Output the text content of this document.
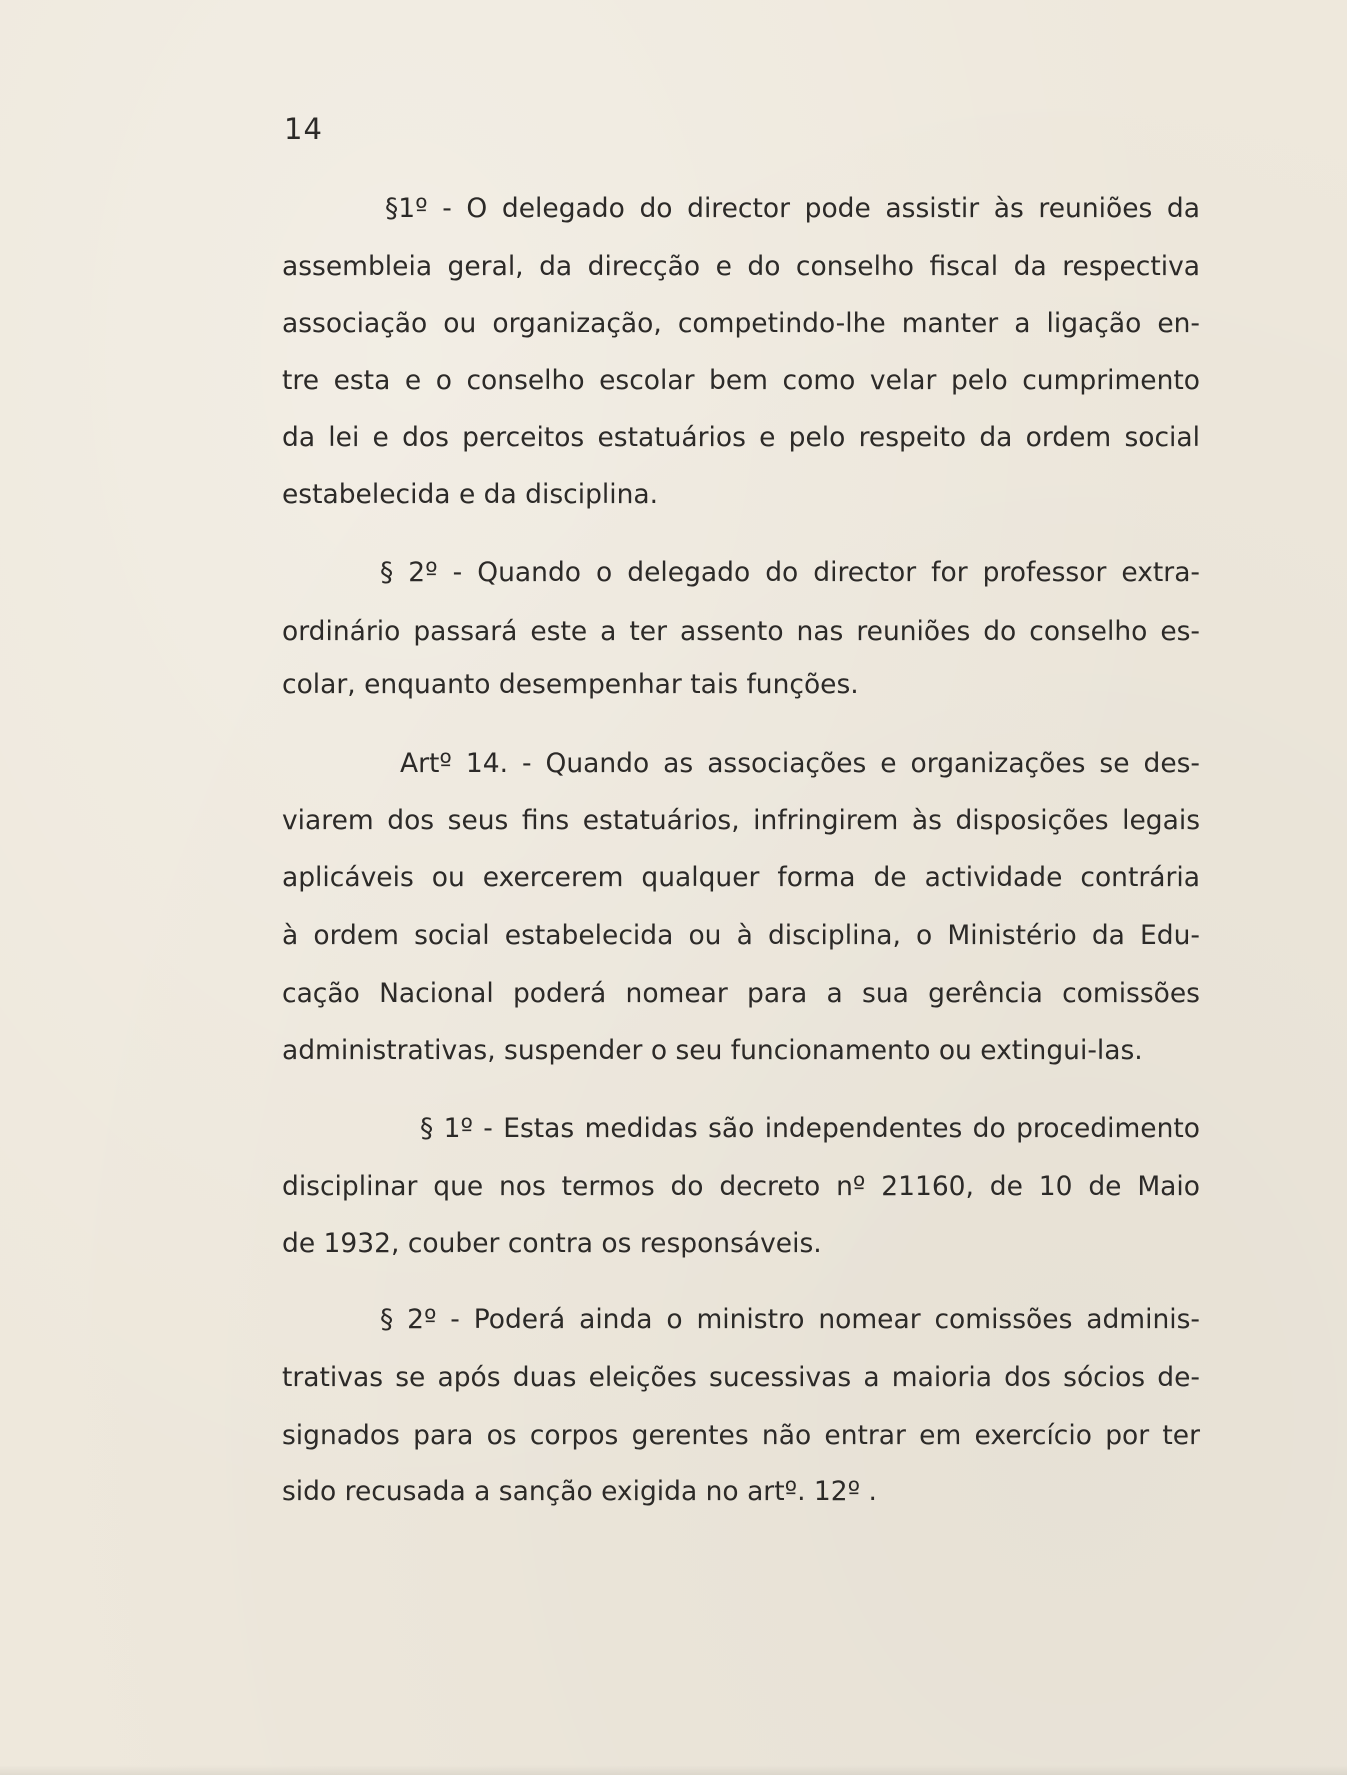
14
§1º - O delegado do director pode assistir às reuniões da
assembleia geral, da direcção e do conselho fiscal da respectiva
associação ou organização, competindo-lhe manter a ligação en-
tre esta e o conselho escolar bem como velar pelo cumprimento
da lei e dos perceitos estatuários e pelo respeito da ordem social
estabelecida e da disciplina.
§ 2º - Quando o delegado do director for professor extra-
ordinário passará este a ter assento nas reuniões do conselho es-
colar, enquanto desempenhar tais funções.
Artº 14. - Quando as associações e organizações se des-
viarem dos seus fins estatuários, infringirem às disposições legais
aplicáveis ou exercerem qualquer forma de actividade contrária
à ordem social estabelecida ou à disciplina, o Ministério da Edu-
cação Nacional poderá nomear para a sua gerência comissões
administrativas, suspender o seu funcionamento ou extingui-las.
§ 1º - Estas medidas são independentes do procedimento
disciplinar que nos termos do decreto nº 21160, de 10 de Maio
de 1932, couber contra os responsáveis.
§ 2º - Poderá ainda o ministro nomear comissões adminis-
trativas se após duas eleições sucessivas a maioria dos sócios de-
signados para os corpos gerentes não entrar em exercício por ter
sido recusada a sanção exigida no artº. 12º .
